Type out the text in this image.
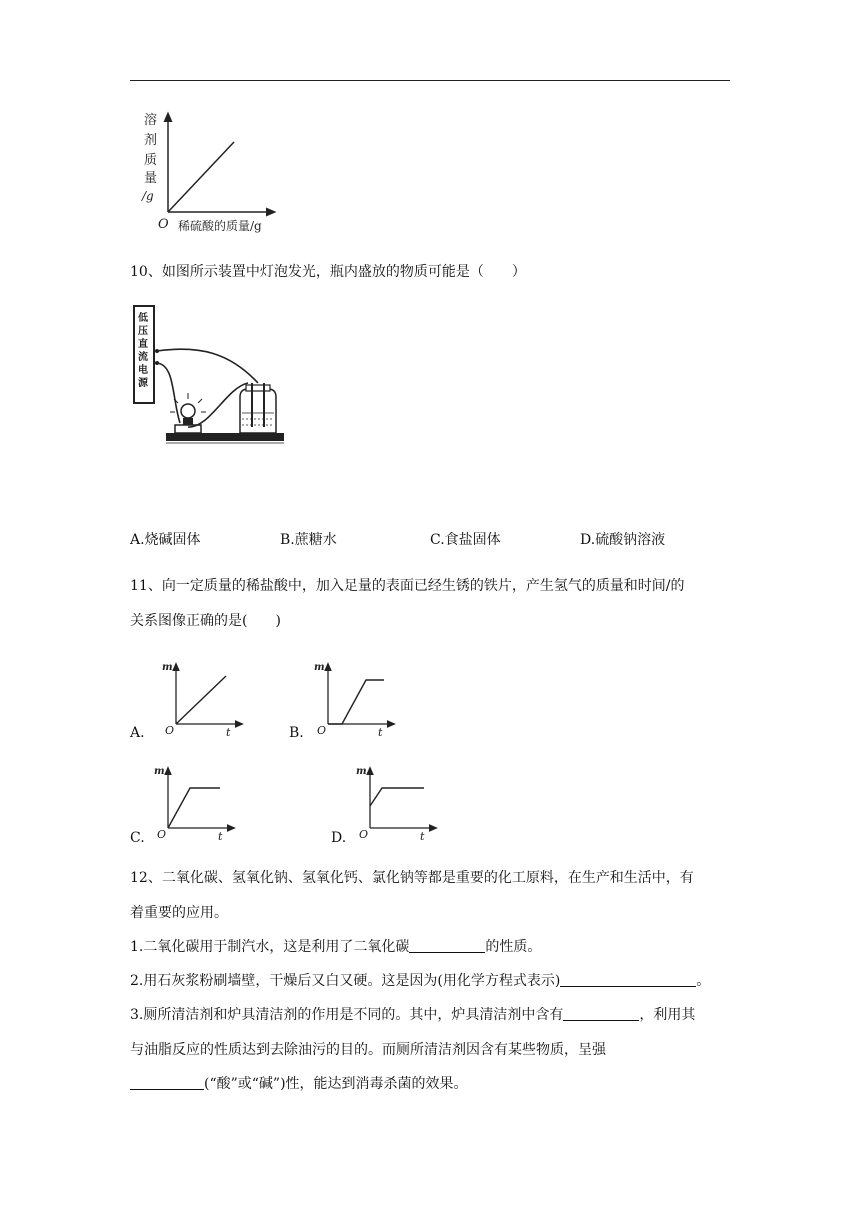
溶
剂
质
量
/g
O 稀硫酸的质量/g
10、如图所示装置中灯泡发光，瓶内盛放的物质可能是（　　）
低
压
直
流
电
源
A.烧碱固体	B.蔗糖水	C.食盐固体	D.硫酸钠溶液
11、向一定质量的稀盐酸中，加入足量的表面已经生锈的铁片，产生氢气的质量和时间/的
关系图像正确的是(　　)
A.
m
O	t	B.
m
O	t
C.
m
O	t	D.
m
O	t
12、二氧化碳、氢氧化钠、氢氧化钙、氯化钠等都是重要的化工原料，在生产和生活中，有
着重要的应用。
1.二氧化碳用于制汽水，这是利用了二氧化碳	的性质。
2.用石灰浆粉刷墙壁，干燥后又白又硬。这是因为(用化学方程式表示)	。
3.厕所清洁剂和炉具清洁剂的作用是不同的。其中，炉具清洁剂中含有	，利用其
与油脂反应的性质达到去除油污的目的。而厕所清洁剂因含有某些物质，呈强
(“酸”或“碱”)性，能达到消毒杀菌的效果。
